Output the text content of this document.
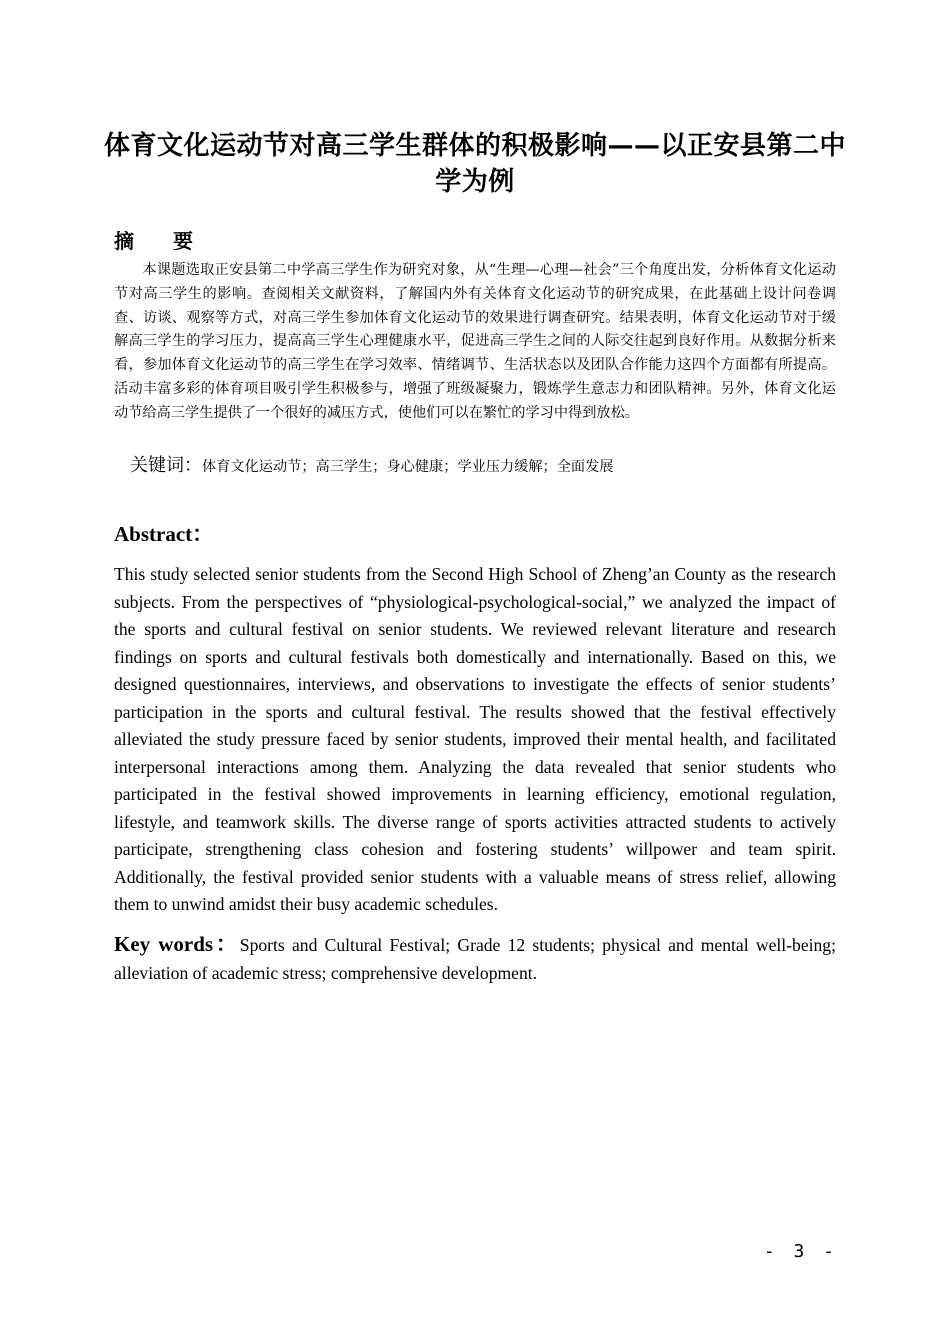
体育文化运动节对高三学生群体的积极影响——以正安县第二中学为例
摘 要

本课题选取正安县第二中学高三学生作为研究对象，从“生理—心理—社会”三个角度出发，分析体育文化运动节对高三学生的影响。查阅相关文献资料，了解国内外有关体育文化运动节的研究成果，在此基础上设计问卷调查、访谈、观察等方式，对高三学生参加体育文化运动节的效果进行调查研究。结果表明，体育文化运动节对于缓解高三学生的学习压力，提高高三学生心理健康水平，促进高三学生之间的人际交往起到良好作用。从数据分析来看，参加体育文化运动节的高三学生在学习效率、情绪调节、生活状态以及团队合作能力这四个方面都有所提高。活动丰富多彩的体育项目吸引学生积极参与，增强了班级凝聚力，锻炼学生意志力和团队精神。另外，体育文化运动节给高三学生提供了一个很好的减压方式，使他们可以在繁忙的学习中得到放松。

关键词：体育文化运动节；高三学生；身心健康；学业压力缓解；全面发展

Abstract：

This study selected senior students from the Second High School of Zheng’an County as the research subjects. From the perspectives of “physiological-psychological-social,” we analyzed the impact of the sports and cultural festival on senior students. We reviewed relevant literature and research findings on sports and cultural festivals both domestically and internationally. Based on this, we designed questionnaires, interviews, and observations to investigate the effects of senior students’ participation in the sports and cultural festival. The results showed that the festival effectively alleviated the study pressure faced by senior students, improved their mental health, and facilitated interpersonal interactions among them. Analyzing the data revealed that senior students who participated in the festival showed improvements in learning efficiency, emotional regulation, lifestyle, and teamwork skills. The diverse range of sports activities attracted students to actively participate, strengthening class cohesion and fostering students’ willpower and team spirit. Additionally, the festival provided senior students with a valuable means of stress relief, allowing them to unwind amidst their busy academic schedules.

Key words：Sports and Cultural Festival; Grade 12 students; physical and mental well-being; alleviation of academic stress; comprehensive development.

- 3 -
